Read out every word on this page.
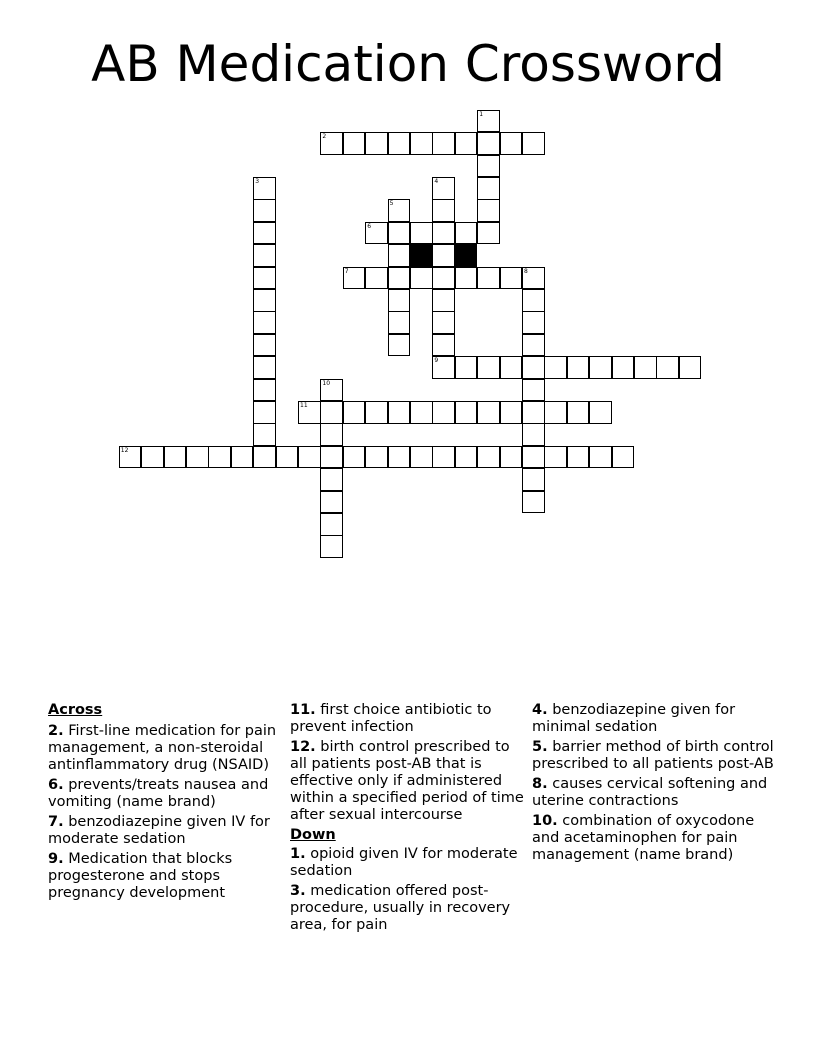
AB Medication Crossword
1
2
3	4
5
6
7	8
9
10
11
12
Across
2. First-line medication for pain management, a non-steroidal antinflammatory drug (NSAID)
6. prevents/treats nausea and vomiting (name brand)
7. benzodiazepine given IV for moderate sedation
9. Medication that blocks progesterone and stops pregnancy development
11. first choice antibiotic to prevent infection
12. birth control prescribed to all patients post-AB that is effective only if administered within a specified period of time after sexual intercourse
Down
1. opioid given IV for moderate sedation
3. medication offered post-procedure, usually in recovery area, for pain
4. benzodiazepine given for minimal sedation
5. barrier method of birth control prescribed to all patients post-AB
8. causes cervical softening and uterine contractions
10. combination of oxycodone and acetaminophen for pain management (name brand)
